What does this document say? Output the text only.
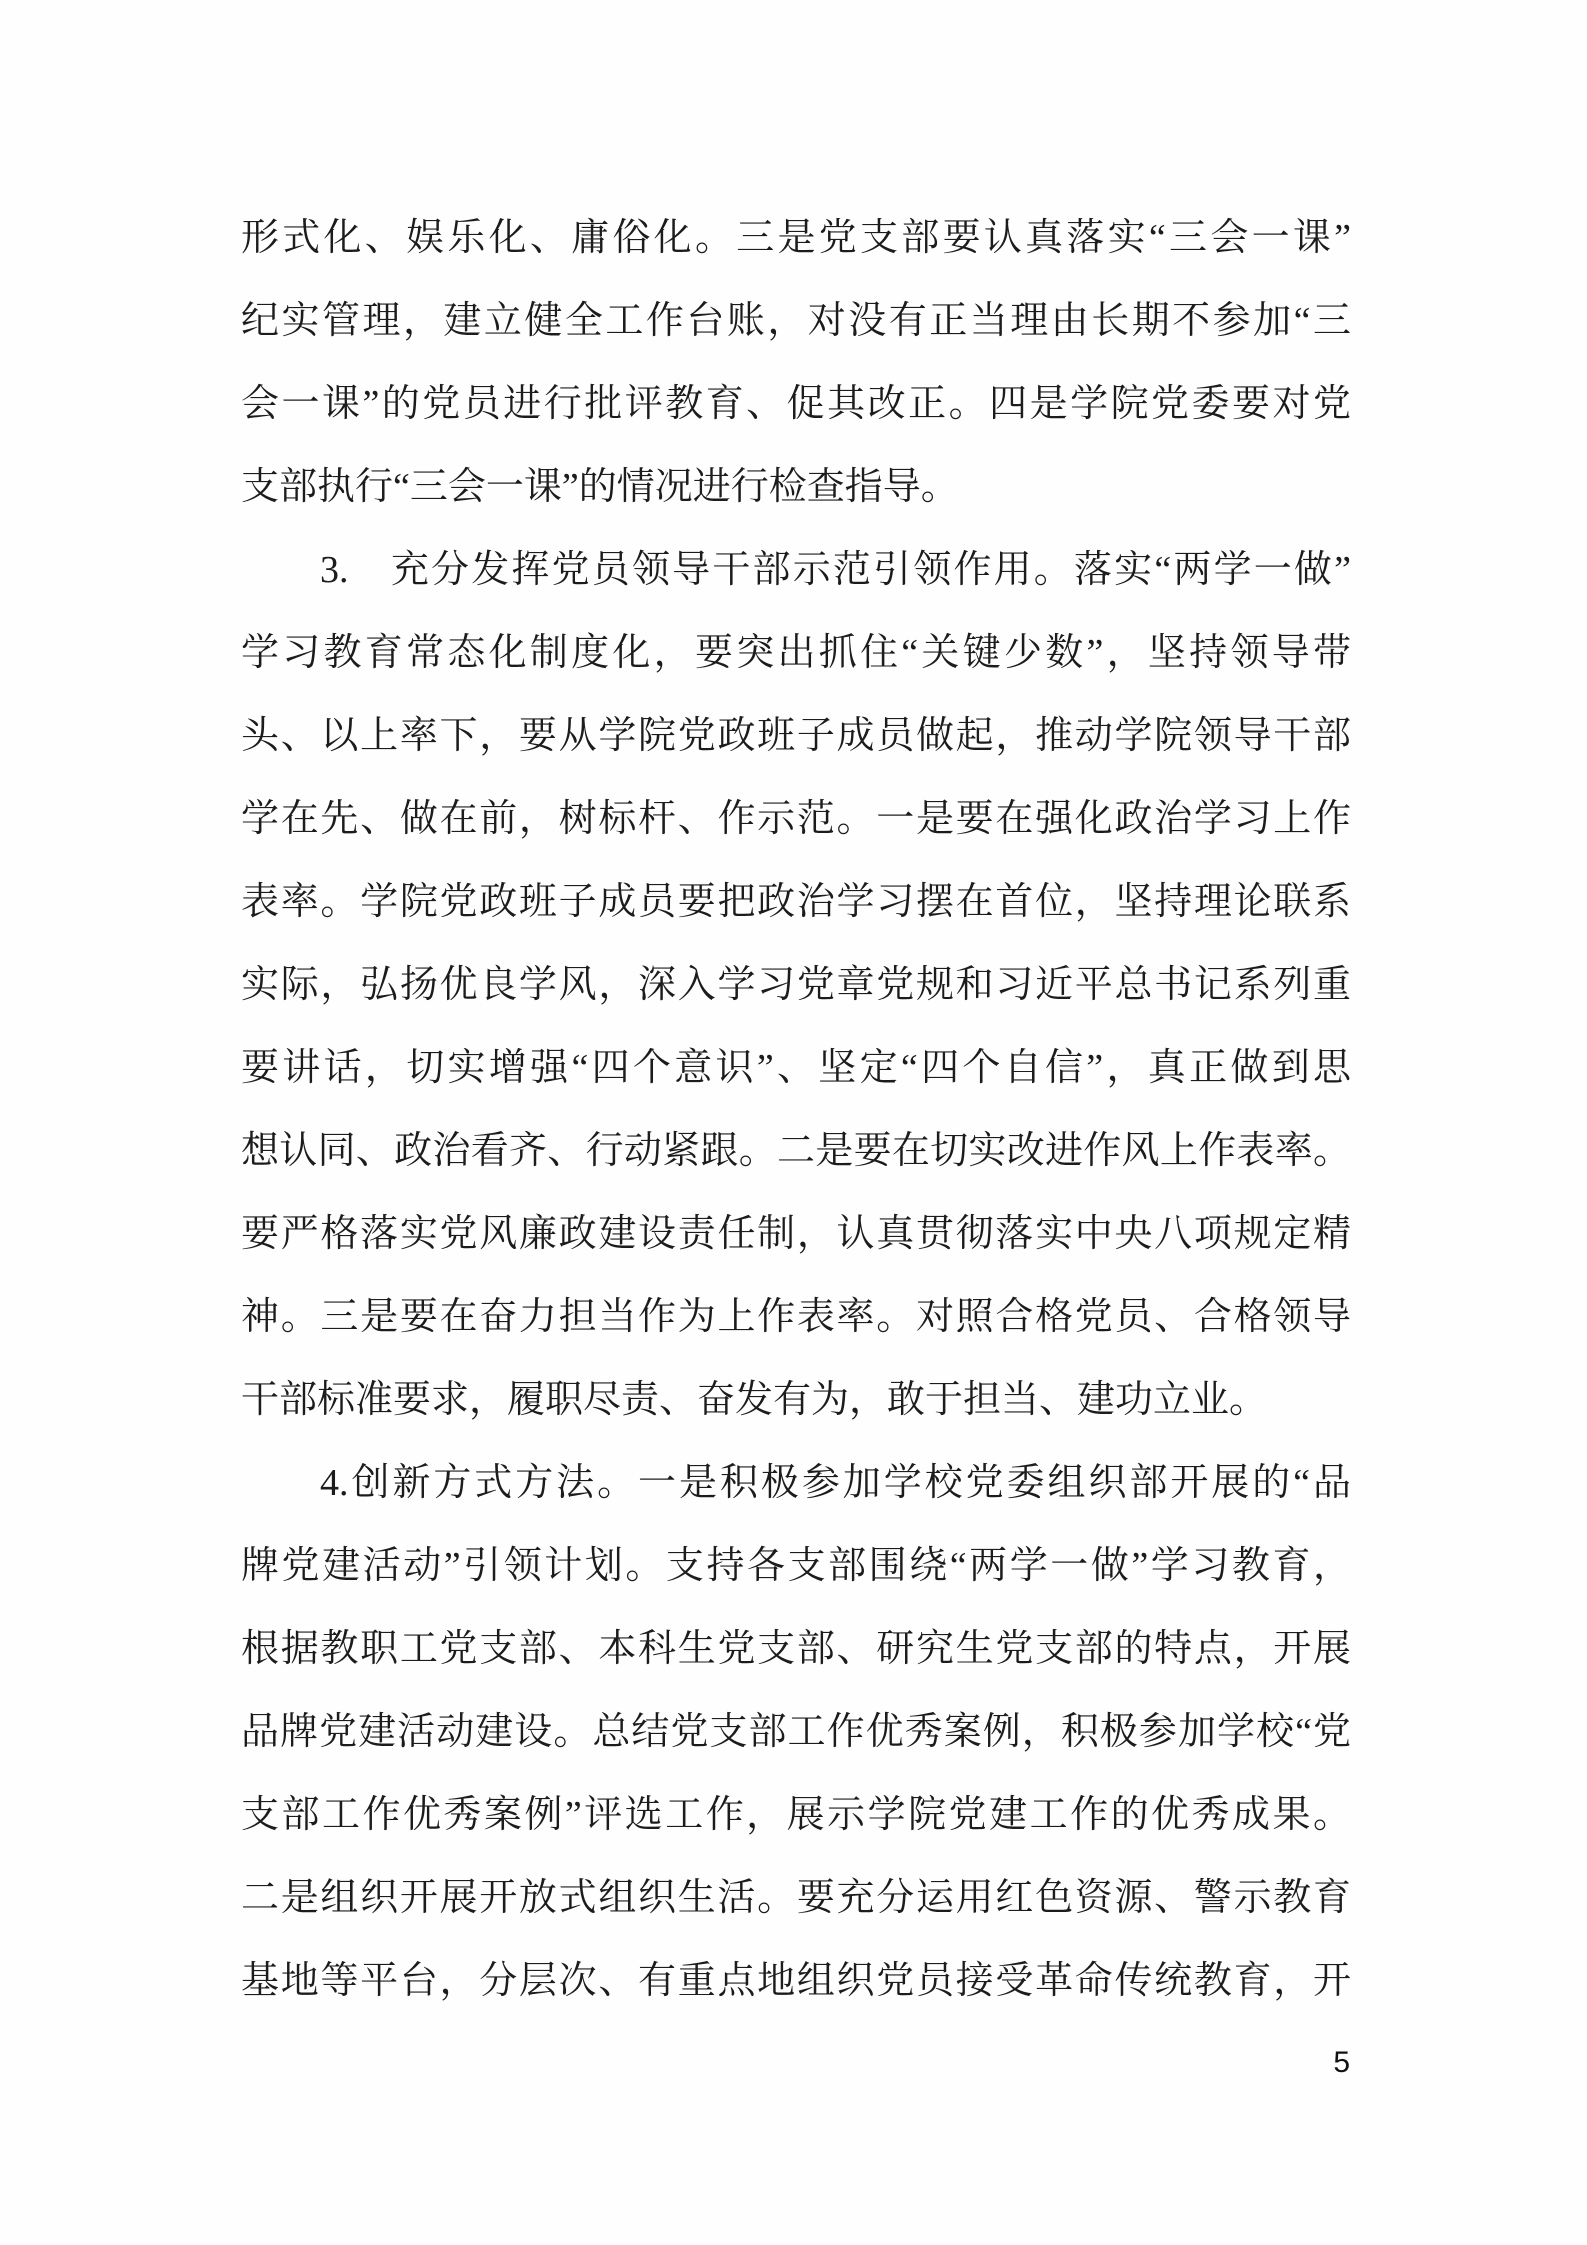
形式化、娱乐化、庸俗化。三是党支部要认真落实“三会一课”
纪实管理，建立健全工作台账，对没有正当理由长期不参加“三
会一课”的党员进行批评教育、促其改正。四是学院党委要对党
支部执行“三会一课”的情况进行检查指导。
3.　充分发挥党员领导干部示范引领作用。落实“两学一做”
学习教育常态化制度化，要突出抓住“关键少数”，坚持领导带
头、以上率下，要从学院党政班子成员做起，推动学院领导干部
学在先、做在前，树标杆、作示范。一是要在强化政治学习上作
表率。学院党政班子成员要把政治学习摆在首位，坚持理论联系
实际，弘扬优良学风，深入学习党章党规和习近平总书记系列重
要讲话，切实增强“四个意识”、坚定“四个自信”，真正做到思
想认同、政治看齐、行动紧跟。二是要在切实改进作风上作表率。
要严格落实党风廉政建设责任制，认真贯彻落实中央八项规定精
神。三是要在奋力担当作为上作表率。对照合格党员、合格领导
干部标准要求，履职尽责、奋发有为，敢于担当、建功立业。
4.创新方式方法。一是积极参加学校党委组织部开展的“品
牌党建活动”引领计划。支持各支部围绕“两学一做”学习教育，
根据教职工党支部、本科生党支部、研究生党支部的特点，开展
品牌党建活动建设。总结党支部工作优秀案例，积极参加学校“党
支部工作优秀案例”评选工作，展示学院党建工作的优秀成果。
二是组织开展开放式组织生活。要充分运用红色资源、警示教育
基地等平台，分层次、有重点地组织党员接受革命传统教育，开
5
